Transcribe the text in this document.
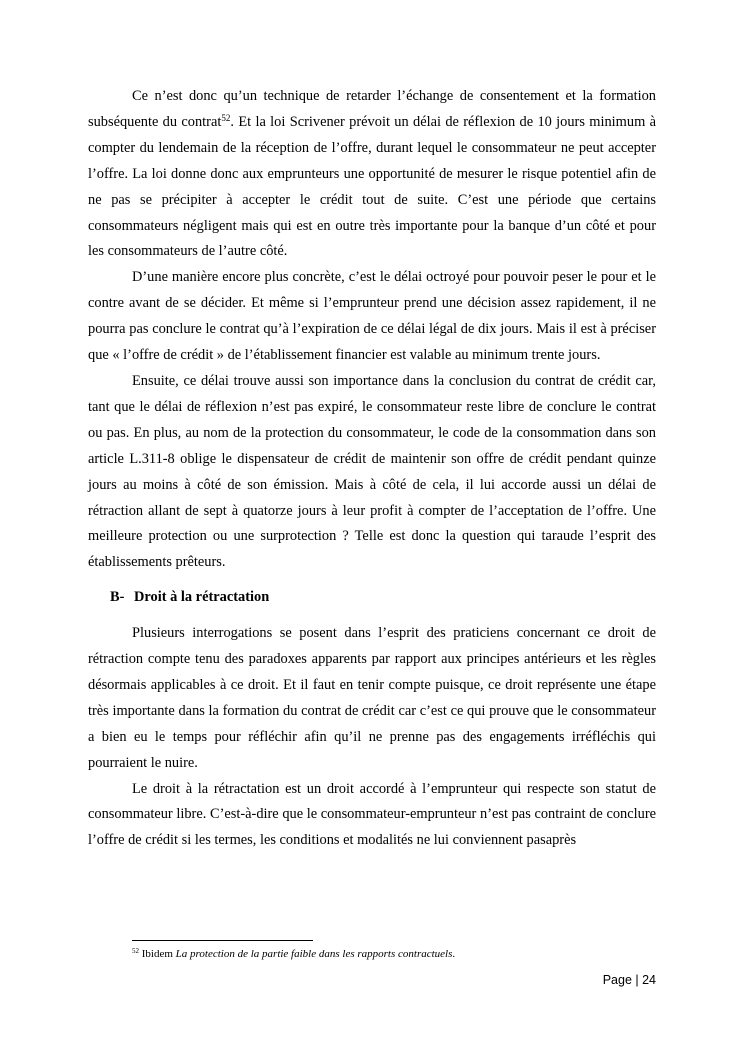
Ce n’est donc qu’un technique de retarder l’échange de consentement et la formation subséquente du contrat$^{52}$. Et la loi Scrivener prévoit un délai de réflexion de 10 jours minimum à compter du lendemain de la réception de l’offre, durant lequel le consommateur ne peut accepter l’offre. La loi donne donc aux emprunteurs une opportunité de mesurer le risque potentiel afin de ne pas se précipiter à accepter le crédit tout de suite. C’est une période que certains consommateurs négligent mais qui est en outre très importante pour la banque d’un côté et pour les consommateurs de l’autre côté.

D’une manière encore plus concrète, c’est le délai octroyé pour pouvoir peser le pour et le contre avant de se décider. Et même si l’emprunteur prend une décision assez rapidement, il ne pourra pas conclure le contrat qu’à l’expiration de ce délai légal de dix jours. Mais il est à préciser que « l’offre de crédit » de l’établissement financier est valable au minimum trente jours.

Ensuite, ce délai trouve aussi son importance dans la conclusion du contrat de crédit car, tant que le délai de réflexion n’est pas expiré, le consommateur reste libre de conclure le contrat ou pas. En plus, au nom de la protection du consommateur, le code de la consommation dans son article L.311-8 oblige le dispensateur de crédit de maintenir son offre de crédit pendant quinze jours au moins à côté de son émission. Mais à côté de cela, il lui accorde aussi un délai de rétraction allant de sept à quatorze jours à leur profit à compter de l’acceptation de l’offre. Une meilleure protection ou une surprotection ? Telle est donc la question qui taraude l’esprit des établissements prêteurs.

B- Droit à la rétractation

Plusieurs interrogations se posent dans l’esprit des praticiens concernant ce droit de rétraction compte tenu des paradoxes apparents par rapport aux principes antérieurs et les règles désormais applicables à ce droit. Et il faut en tenir compte puisque, ce droit représente une étape très importante dans la formation du contrat de crédit car c’est ce qui prouve que le consommateur a bien eu le temps pour réfléchir afin qu’il ne prenne pas des engagements irréfléchis qui pourraient le nuire.

Le droit à la rétractation est un droit accordé à l’emprunteur qui respecte son statut de consommateur libre. C’est-à-dire que le consommateur-emprunteur n’est pas contraint de conclure l’offre de crédit si les termes, les conditions et modalités ne lui conviennent pasaprès

$^{52}$ Ibidem La protection de la partie faible dans les rapports contractuels.
Page | 24
